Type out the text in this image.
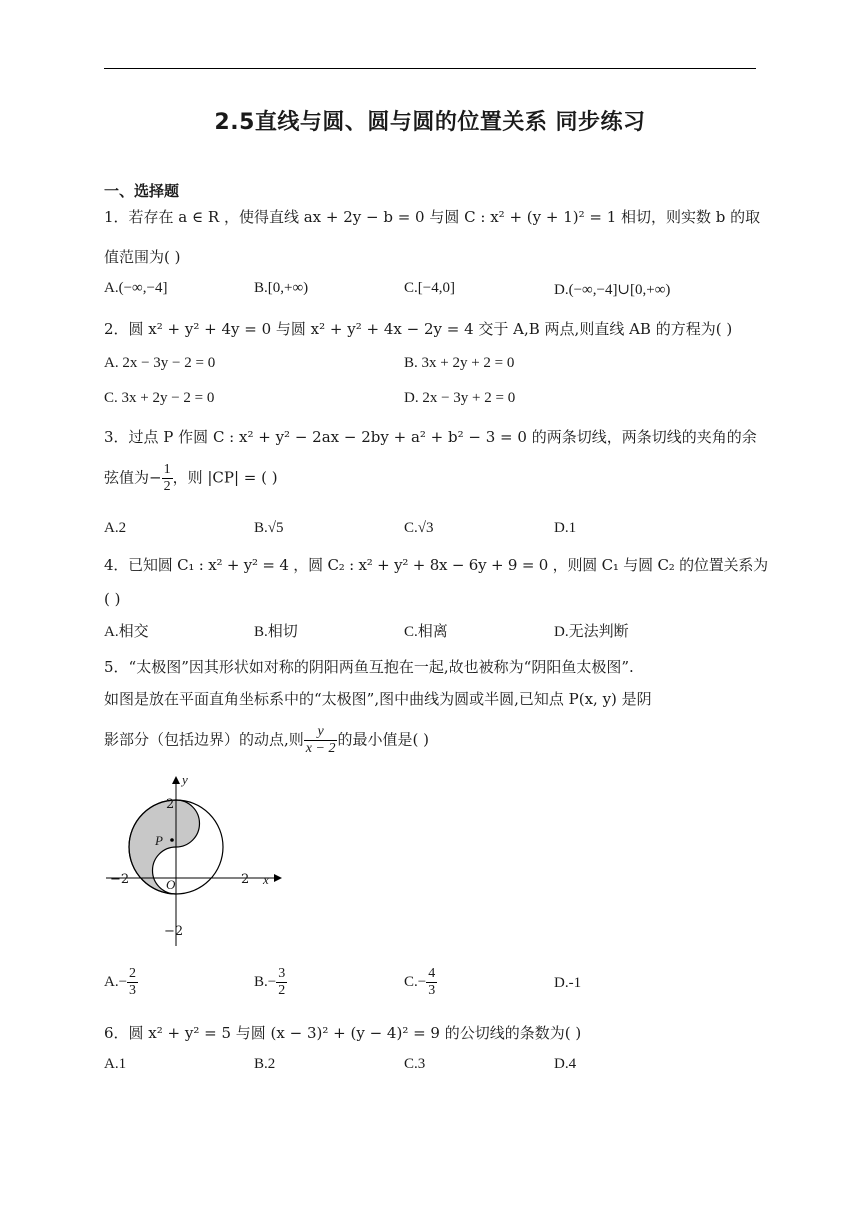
2.5直线与圆、圆与圆的位置关系 同步练习
一、选择题
1．若存在 a ∈ R ，使得直线 ax + 2y − b = 0 与圆 C : x² + (y + 1)² = 1 相切，则实数 b 的取
值范围为( )
A.(−∞,−4]	B.[0,+∞)	C.[−4,0]	D.(−∞,−4]∪[0,+∞)
2．圆 x² + y² + 4y = 0 与圆 x² + y² + 4x − 2y = 4 交于 A,B 两点,则直线 AB 的方程为( )
A. 2x − 3y − 2 = 0	B. 3x + 2y + 2 = 0
C. 3x + 2y − 2 = 0	D. 2x − 3y + 2 = 0
3．过点 P 作圆 C : x² + y² − 2ax − 2by + a² + b² − 3 = 0 的两条切线，两条切线的夹角的余
弦值为− $\frac{1}{2}$ ，则 |CP| = ( )
A.2	B.√5	C.√3	D.1
4．已知圆 C₁ : x² + y² = 4 ，圆 C₂ : x² + y² + 8x − 6y + 9 = 0 ，则圆 C₁ 与圆 C₂ 的位置关系为
( )
A.相交	B.相切	C.相离	D.无法判断
5．“太极图”因其形状如对称的阴阳两鱼互抱在一起,故也被称为“阴阳鱼太极图”.
如图是放在平面直角坐标系中的“太极图”,图中曲线为圆或半圆,已知点 P(x, y) 是阴
影部分（包括边界）的动点,则 $\frac{y}{x - 2}$ 的最小值是( )
y
x
P
O	2
−2
2
−2
$A.- \frac{2}{3}$	$B.- \frac{3}{2}$	$C.- \frac{4}{3}$	D.-1
6．圆 x² + y² = 5 与圆 (x − 3)² + (y − 4)² = 9 的公切线的条数为( )
A.1	B.2	C.3	D.4
